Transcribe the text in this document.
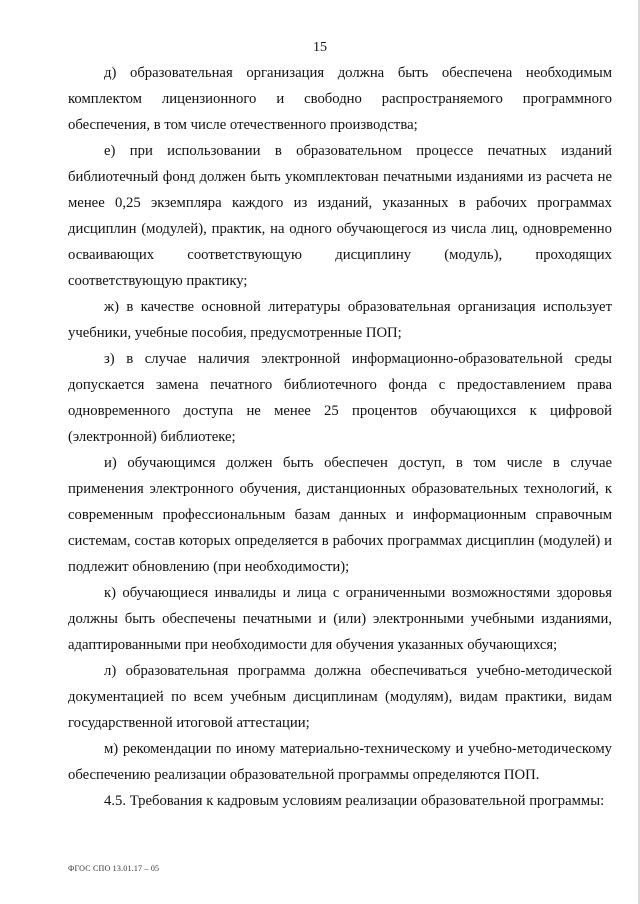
15

д) образовательная организация должна быть обеспечена необходимым комплектом лицензионного и свободно распространяемого программного обеспечения, в том числе отечественного производства;

е) при использовании в образовательном процессе печатных изданий библиотечный фонд должен быть укомплектован печатными изданиями из расчета не менее 0,25 экземпляра каждого из изданий, указанных в рабочих программах дисциплин (модулей), практик, на одного обучающегося из числа лиц, одновременно осваивающих соответствующую дисциплину (модуль), проходящих соответствующую практику;

ж) в качестве основной литературы образовательная организация использует учебники, учебные пособия, предусмотренные ПОП;

з) в случае наличия электронной информационно-образовательной среды допускается замена печатного библиотечного фонда с предоставлением права одновременного доступа не менее 25 процентов обучающихся к цифровой (электронной) библиотеке;

и) обучающимся должен быть обеспечен доступ, в том числе в случае применения электронного обучения, дистанционных образовательных технологий, к современным профессиональным базам данных и информационным справочным системам, состав которых определяется в рабочих программах дисциплин (модулей) и подлежит обновлению (при необходимости);

к) обучающиеся инвалиды и лица с ограниченными возможностями здоровья должны быть обеспечены печатными и (или) электронными учебными изданиями, адаптированными при необходимости для обучения указанных обучающихся;

л) образовательная программа должна обеспечиваться учебно-методической документацией по всем учебным дисциплинам (модулям), видам практики, видам государственной итоговой аттестации;

м) рекомендации по иному материально-техническому и учебно-методическому обеспечению реализации образовательной программы определяются ПОП.

4.5. Требования к кадровым условиям реализации образовательной программы:

ФГОС СПО 13.01.17 – 05
